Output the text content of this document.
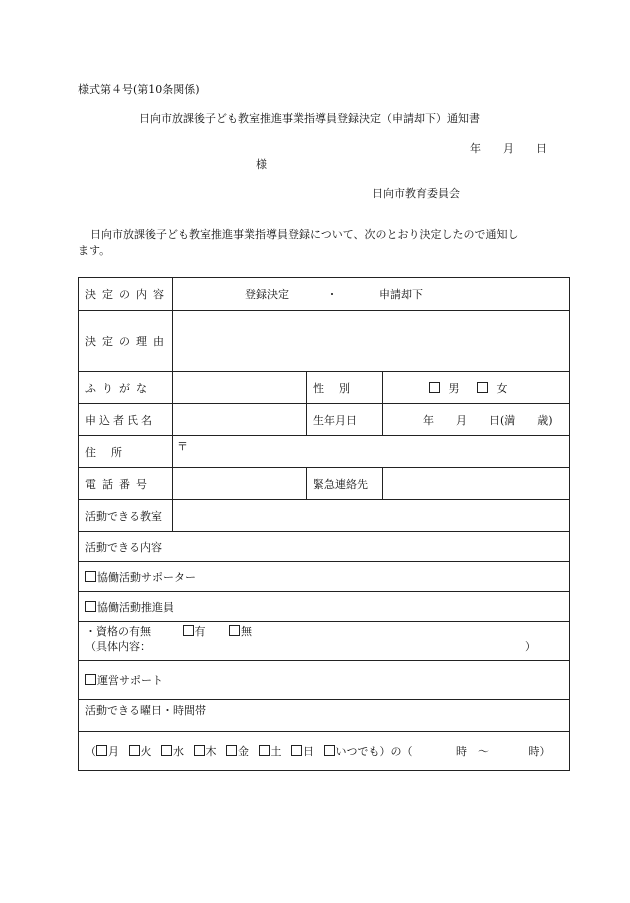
様式第４号(第10条関係)
日向市放課後子ども教室推進事業指導員登録決定（申請却下）通知書
年　　月　　日
様
日向市教育委員会
日向市放課後子ども教室推進事業指導員登録について、次のとおり決定したので通知し
ます。
決定の内容	登録決定 ・ 申請却下		
決定の理由			
ふりがな		性　別	男 女
申込者氏名		生年月日	年　　月　　日(満　　歳)
住　所	〒		
電話番号		緊急連絡先	
活動できる教室			
活動できる内容			
協働活動サポーター			
協働活動推進員			

・資格の有無 有 無
（具体内容： ）			

運営サポート			
活動できる曜日・時間帯			
（ 月 火 水 木 金 土 日 いつでも）の（ 時　～ 時）			
